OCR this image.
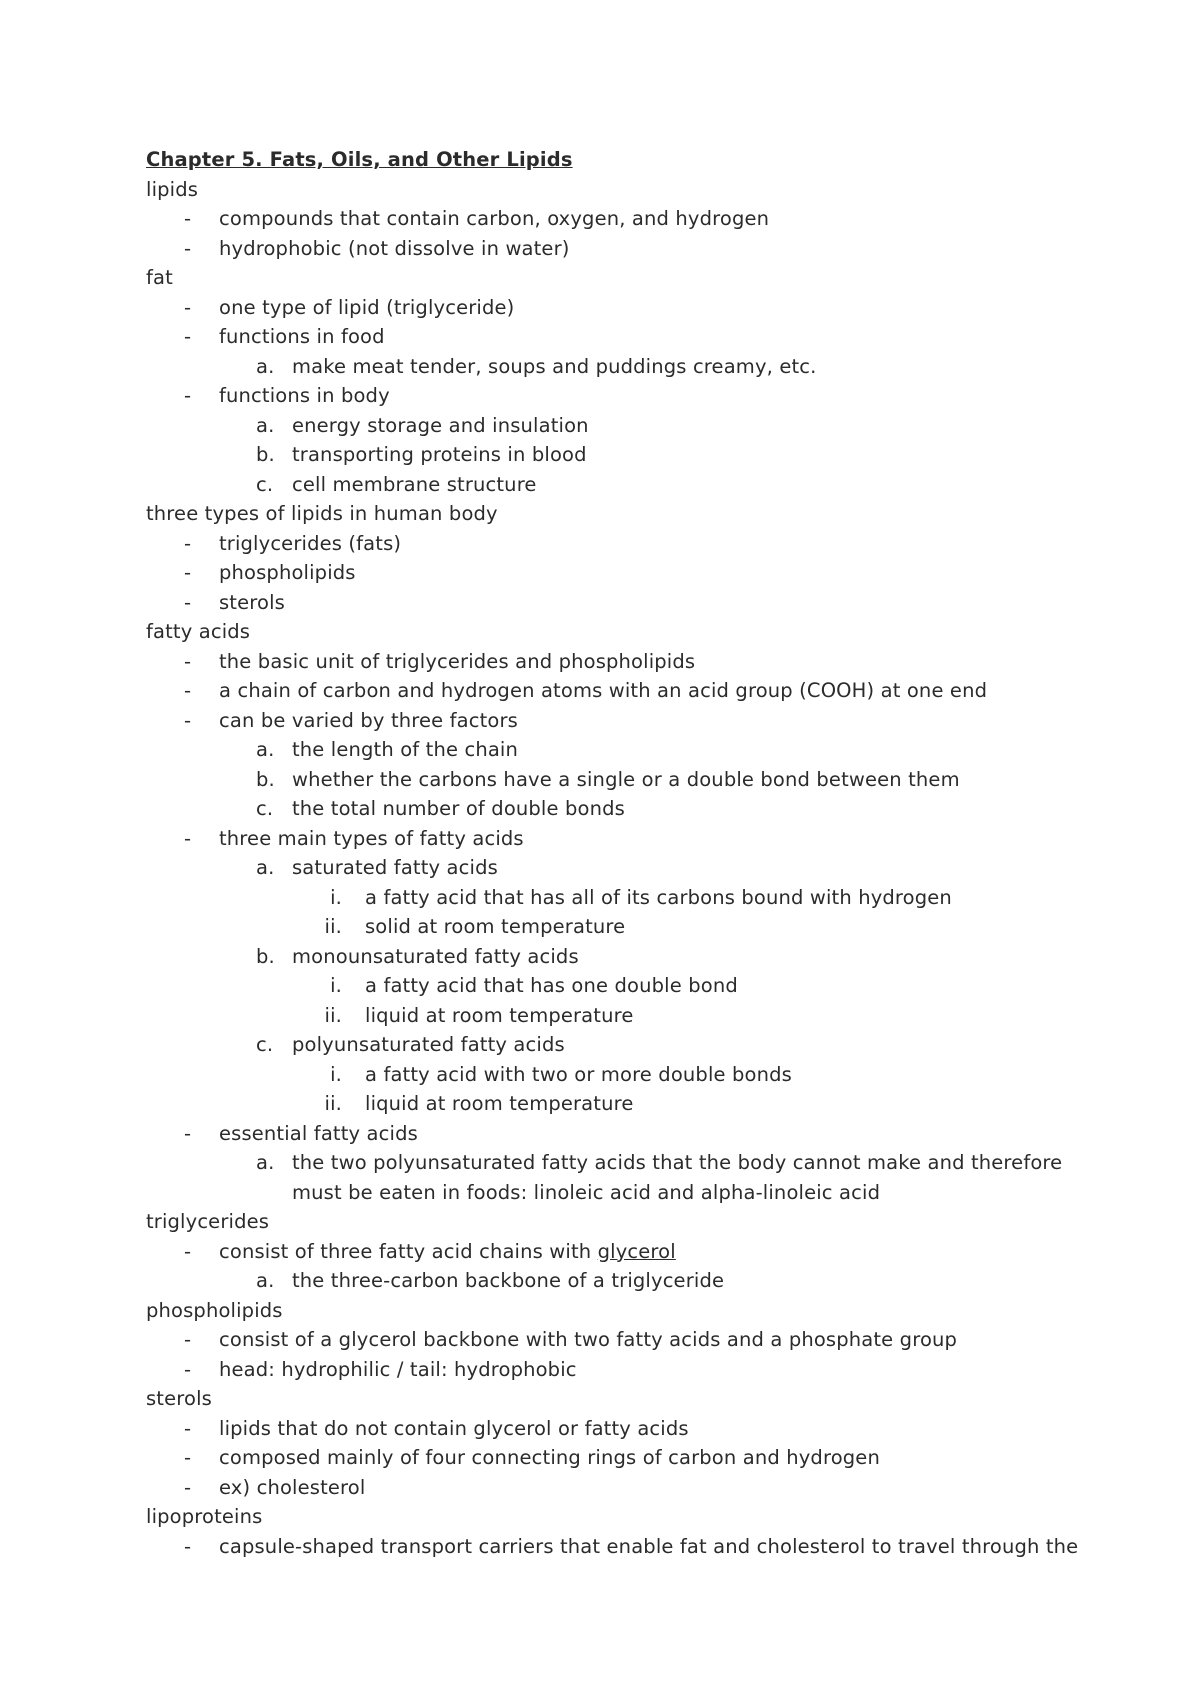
Chapter 5. Fats, Oils, and Other Lipids
lipids
- compounds that contain carbon, oxygen, and hydrogen
- hydrophobic (not dissolve in water)
fat
- one type of lipid (triglyceride)
- functions in food
a. make meat tender, soups and puddings creamy, etc.
- functions in body
a. energy storage and insulation
b. transporting proteins in blood
c. cell membrane structure
three types of lipids in human body
- triglycerides (fats)
- phospholipids
- sterols
fatty acids
- the basic unit of triglycerides and phospholipids
- a chain of carbon and hydrogen atoms with an acid group (COOH) at one end
- can be varied by three factors
a. the length of the chain
b. whether the carbons have a single or a double bond between them
c. the total number of double bonds
- three main types of fatty acids
a. saturated fatty acids
i. a fatty acid that has all of its carbons bound with hydrogen
ii. solid at room temperature
b. monounsaturated fatty acids
i. a fatty acid that has one double bond
ii. liquid at room temperature
c. polyunsaturated fatty acids
i. a fatty acid with two or more double bonds
ii. liquid at room temperature
- essential fatty acids
a. the two polyunsaturated fatty acids that the body cannot make and therefore
must be eaten in foods: linoleic acid and alpha-linoleic acid
triglycerides
- consist of three fatty acid chains with glycerol
a. the three-carbon backbone of a triglyceride
phospholipids
- consist of a glycerol backbone with two fatty acids and a phosphate group
- head: hydrophilic / tail: hydrophobic
sterols
- lipids that do not contain glycerol or fatty acids
- composed mainly of four connecting rings of carbon and hydrogen
- ex) cholesterol
lipoproteins
- capsule-shaped transport carriers that enable fat and cholesterol to travel through the
